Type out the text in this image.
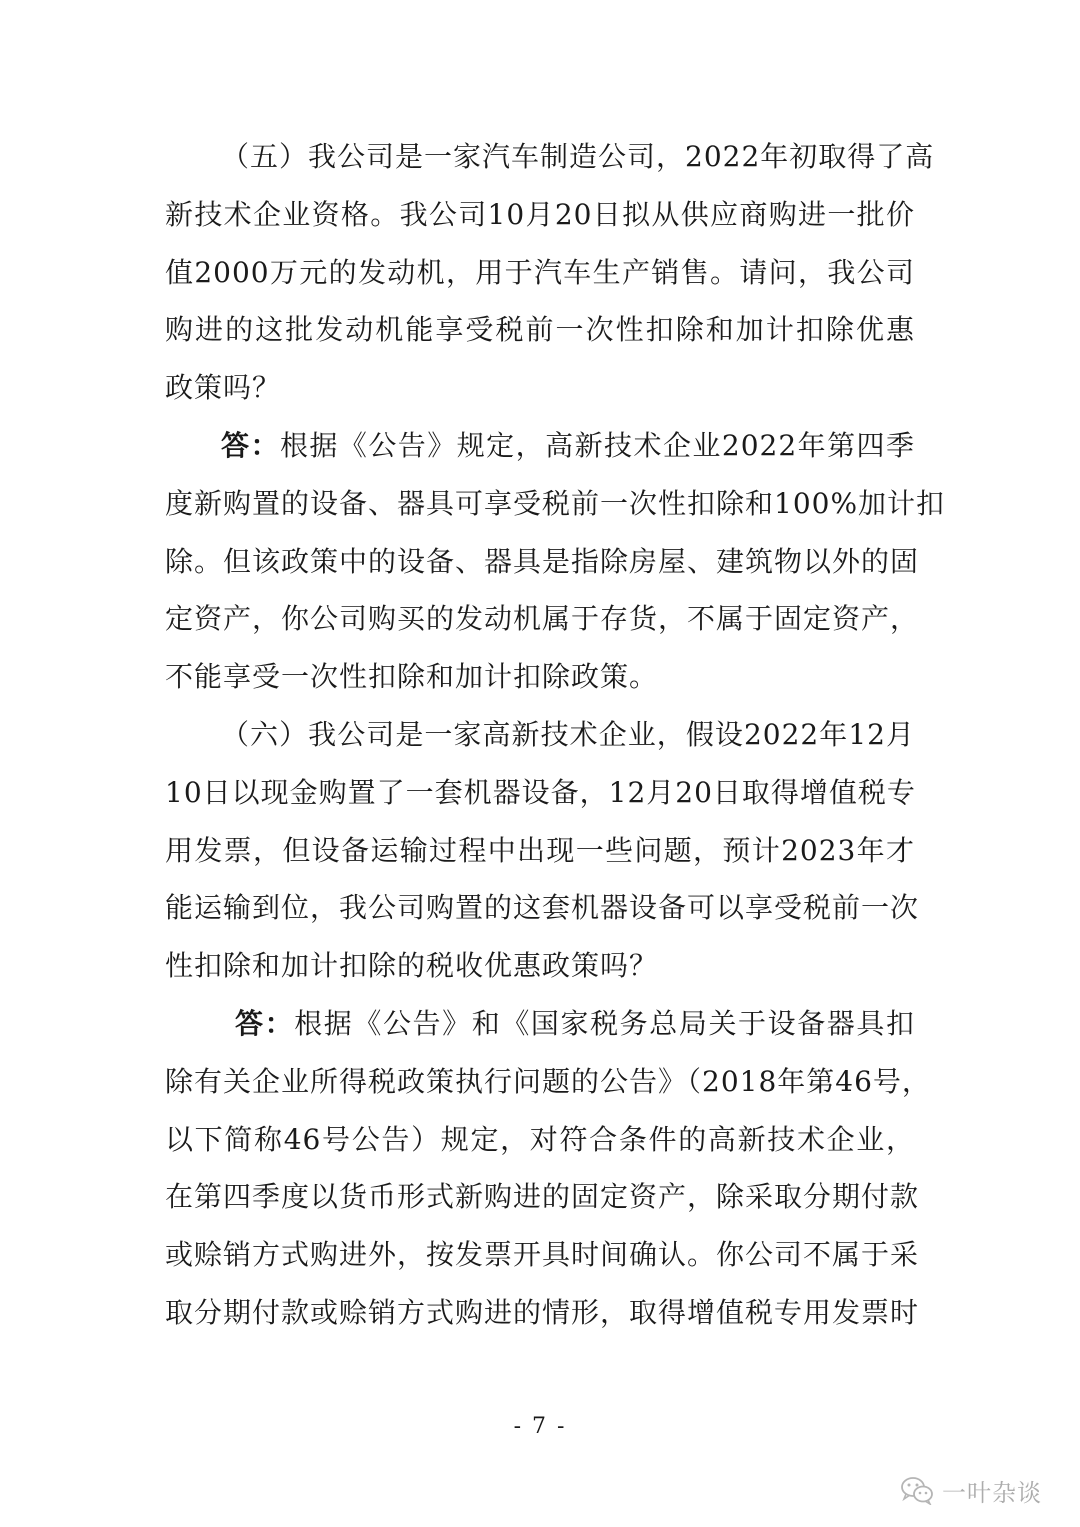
（五）我公司是一家汽车制造公司，2022年初取得了高
新技术企业资格。我公司10月20日拟从供应商购进一批价
值2000万元的发动机，用于汽车生产销售。请问，我公司
购进的这批发动机能享受税前一次性扣除和加计扣除优惠
政策吗？
答：根据《公告》规定，高新技术企业2022年第四季
度新购置的设备、器具可享受税前一次性扣除和100%加计扣
除。但该政策中的设备、器具是指除房屋、建筑物以外的固
定资产，你公司购买的发动机属于存货，不属于固定资产，
不能享受一次性扣除和加计扣除政策。
（六）我公司是一家高新技术企业，假设2022年12月
10日以现金购置了一套机器设备，12月20日取得增值税专
用发票，但设备运输过程中出现一些问题，预计2023年才
能运输到位，我公司购置的这套机器设备可以享受税前一次
性扣除和加计扣除的税收优惠政策吗？
答：根据《公告》和《国家税务总局关于设备器具扣
除有关企业所得税政策执行问题的公告》（2018年第46号，
以下简称46号公告）规定，对符合条件的高新技术企业，
在第四季度以货币形式新购进的固定资产，除采取分期付款
或赊销方式购进外，按发票开具时间确认。你公司不属于采
取分期付款或赊销方式购进的情形，取得增值税专用发票时
- 7 -
一叶杂谈
